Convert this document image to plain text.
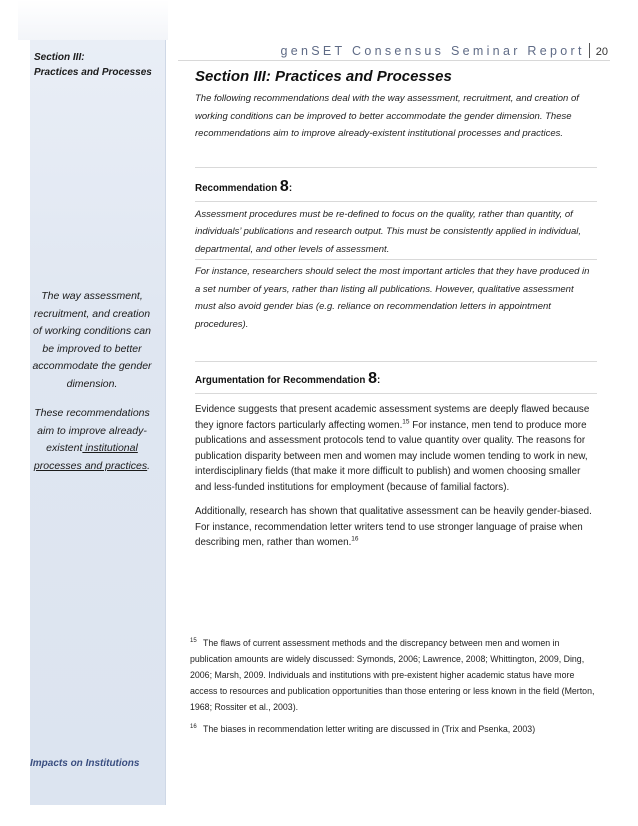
Section III:
Practices and Processes

The way assessment,

recruitment, and creation

of working conditions can

be improved to better

accommodate the gender

dimension.

These recommendations

aim to improve already-

existent institutional

processes and practices.

Impacts on Institutions
genSET Consensus Seminar Report 20
Section III: Practices and Processes

The following recommendations deal with the way assessment, recruitment, and creation of working conditions can be improved to better accommodate the gender dimension. These recommendations aim to improve already-existent institutional processes and practices.

Recommendation 8:

Assessment procedures must be re-defined to focus on the quality, rather than quantity, of individuals’ publications and research output. This must be consistently applied in individual, departmental, and other levels of assessment.

For instance, researchers should select the most important articles that they have produced in a set number of years, rather than listing all publications. However, qualitative assessment must also avoid gender bias (e.g. reliance on recommendation letters in appointment procedures).

Argumentation for Recommendation 8:

Evidence suggests that present academic assessment systems are deeply flawed because they ignore factors particularly affecting women.$^{15}$ For instance, men tend to produce more publications and assessment protocols tend to value quantity over quality. The reasons for publication disparity between men and women may include women tending to work in new, interdisciplinary fields (that make it more difficult to publish) and women choosing smaller and less-funded institutions for employment (because of familial factors).

Additionally, research has shown that qualitative assessment can be heavily gender-biased. For instance, recommendation letter writers tend to use stronger language of praise when describing men, rather than women.$^{16}$

$^{15}$ The flaws of current assessment methods and the discrepancy between men and women in publication amounts are widely discussed: Symonds, 2006; Lawrence, 2008; Whittington, 2009, Ding, 2006; Marsh, 2009. Individuals and institutions with pre-existent higher academic status have more access to resources and publication opportunities than those entering or less known in the field (Merton, 1968; Rossiter et al., 2003).

$^{16}$ The biases in recommendation letter writing are discussed in (Trix and Psenka, 2003)
